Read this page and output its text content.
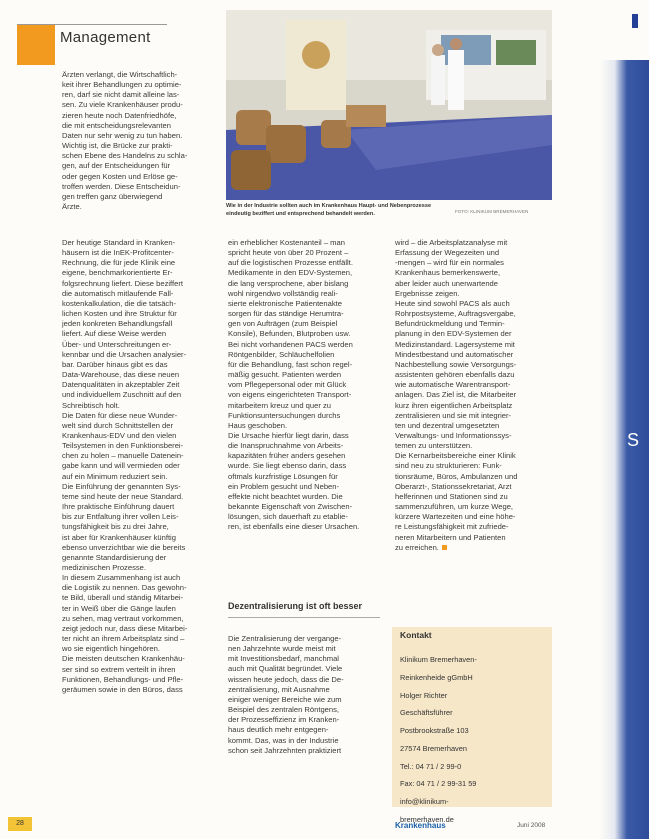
Management
S

Ärzten verlangt, die Wirtschaftlich-

keit ihrer Behandlungen zu optimie-

ren, darf sie nicht damit alleine las-

sen. Zu viele Krankenhäuser produ-

zieren heute noch Datenfriedhöfe,

die mit entscheidungsrelevanten

Daten nur sehr wenig zu tun haben.

Wichtig ist, die Brücke zur prakti-

schen Ebene des Handelns zu schla-

gen, auf der Entscheidungen für

oder gegen Kosten und Erlöse ge-

troffen werden. Diese Entscheidun-

gen treffen ganz überwiegend

Ärzte.	Wie in der Industrie sollten auch im Krankenhaus Haupt- und Nebenprozesse eindeutig beziffert und entsprechend behandelt werden.	FOTO: KLINIKUM BREMERHAVEN

Der heutige Standard in Kranken-

häusern ist die InEK-Profitcenter-

Rechnung, die für jede Klinik eine

eigene, benchmarkorientierte Er-

folgsrechnung liefert. Diese beziffert

die automatisch mitlaufende Fall-

kostenkalkulation, die die tatsäch-

lichen Kosten und ihre Struktur für

jeden konkreten Behandlungsfall

liefert. Auf diese Weise werden

Über- und Unterschreitungen er-

kennbar und die Ursachen analysier-

bar. Darüber hinaus gibt es das

Data-Warehouse, das diese neuen

Datenqualitäten in akzeptabler Zeit

und individuellem Zuschnitt auf den

Schreibtisch holt.

Die Daten für diese neue Wunder-

welt sind durch Schnittstellen der

Krankenhaus-EDV und den vielen

Teilsystemen in den Funktionsberei-

chen zu holen – manuelle Datenein-

gabe kann und will vermieden oder

auf ein Minimum reduziert sein.

Die Einführung der genannten Sys-

teme sind heute der neue Standard.

Ihre praktische Einführung dauert

bis zur Entfaltung ihrer vollen Leis-

tungsfähigkeit bis zu drei Jahre,

ist aber für Krankenhäuser künftig

ebenso unverzichtbar wie die bereits

genannte Standardisierung der

medizinischen Prozesse.

In diesem Zusammenhang ist auch

die Logistik zu nennen. Das gewohn-

te Bild, überall und ständig Mitarbei-

ter in Weiß über die Gänge laufen

zu sehen, mag vertraut vorkommen,

zeigt jedoch nur, dass diese Mitarbei-

ter nicht an ihrem Arbeitsplatz sind –

wo sie eigentlich hingehören.

Die meisten deutschen Krankenhäu-

ser sind so extrem verteilt in ihren

Funktionen, Behandlungs- und Pfle-

geräumen sowie in den Büros, dass

ein erheblicher Kostenanteil – man

spricht heute von über 20 Prozent –

auf die logistischen Prozesse entfällt.

Medikamente in den EDV-Systemen,

die lang versprochene, aber bislang

wohl nirgendwo vollständig reali-

sierte elektronische Patientenakte

sorgen für das ständige Herumtra-

gen von Aufträgen (zum Beispiel

Konsile), Befunden, Blutproben usw.

Bei nicht vorhandenen PACS werden

Röntgenbilder, Schläuchelfolien

für die Behandlung, fast schon regel-

mäßig gesucht. Patienten werden

vom Pflegepersonal oder mit Glück

von eigens eingerichteten Transport-

mitarbeitern kreuz und quer zu

Funktionsuntersuchungen durchs

Haus geschoben.

Die Ursache hierfür liegt darin, dass

die Inanspruchnahme von Arbeits-

kapazitäten früher anders gesehen

wurde. Sie liegt ebenso darin, dass

oftmals kurzfristige Lösungen für

ein Problem gesucht und Neben-

effekte nicht beachtet wurden. Die

bekannte Eigenschaft von Zwischen-

lösungen, sich dauerhaft zu etablie-

ren, ist ebenfalls eine dieser Ursachen.

Dezentralisierung ist oft besser

Die Zentralisierung der vergange-

nen Jahrzehnte wurde meist mit

mit Investitionsbedarf, manchmal

auch mit Qualität begründet. Viele

wissen heute jedoch, dass die De-

zentralisierung, mit Ausnahme

einiger weniger Bereiche wie zum

Beispiel des zentralen Röntgens,

der Prozesseffizienz im Kranken-

haus deutlich mehr entgegen-

kommt. Das, was in der Industrie

schon seit Jahrzehnten praktiziert

wird – die Arbeitsplatzanalyse mit

Erfassung der Wegezeiten und

-mengen – wird für ein normales

Krankenhaus bemerkenswerte,

aber leider auch unerwartende

Ergebnisse zeigen.

Heute sind sowohl PACS als auch

Rohrpostsysteme, Auftragsvergabe,

Befundrückmeldung und Termin-

planung in den EDV-Systemen der

Medizinstandard. Lagersysteme mit

Mindestbestand und automatischer

Nachbestellung sowie Versorgungs-

assistenten gehören ebenfalls dazu

wie automatische Warentransport-

anlagen. Das Ziel ist, die Mitarbeiter

kurz ihren eigentlichen Arbeitsplatz

zentralisieren und sie mit integrier-

ten und dezentral umgesetzten

Verwaltungs- und Informationssys-

temen zu unterstützen.

Die Kernarbeitsbereiche einer Klinik

sind neu zu strukturieren: Funk-

tionsräume, Büros, Ambulanzen und

Oberarzt-, Stationssekretariat, Arzt

helferinnen und Stationen sind zu

sammenzuführen, um kurze Wege,

kürzere Wartezeiten und eine höhe-

re Leistungsfähigkeit mit zufriede-

neren Mitarbeitern und Patienten

zu erreichen.

Kontakt

Klinikum Bremerhaven-

Reinkenheide gGmbH

Holger Richter

Geschäftsführer

Postbrookstraße 103

27574 Bremerhaven

Tel.: 04 71 / 2 99-0

Fax: 04 71 / 2 99-31 59

info@klinikum-

bremerhaven.de

28	Krankenhaus	Juni 2008
